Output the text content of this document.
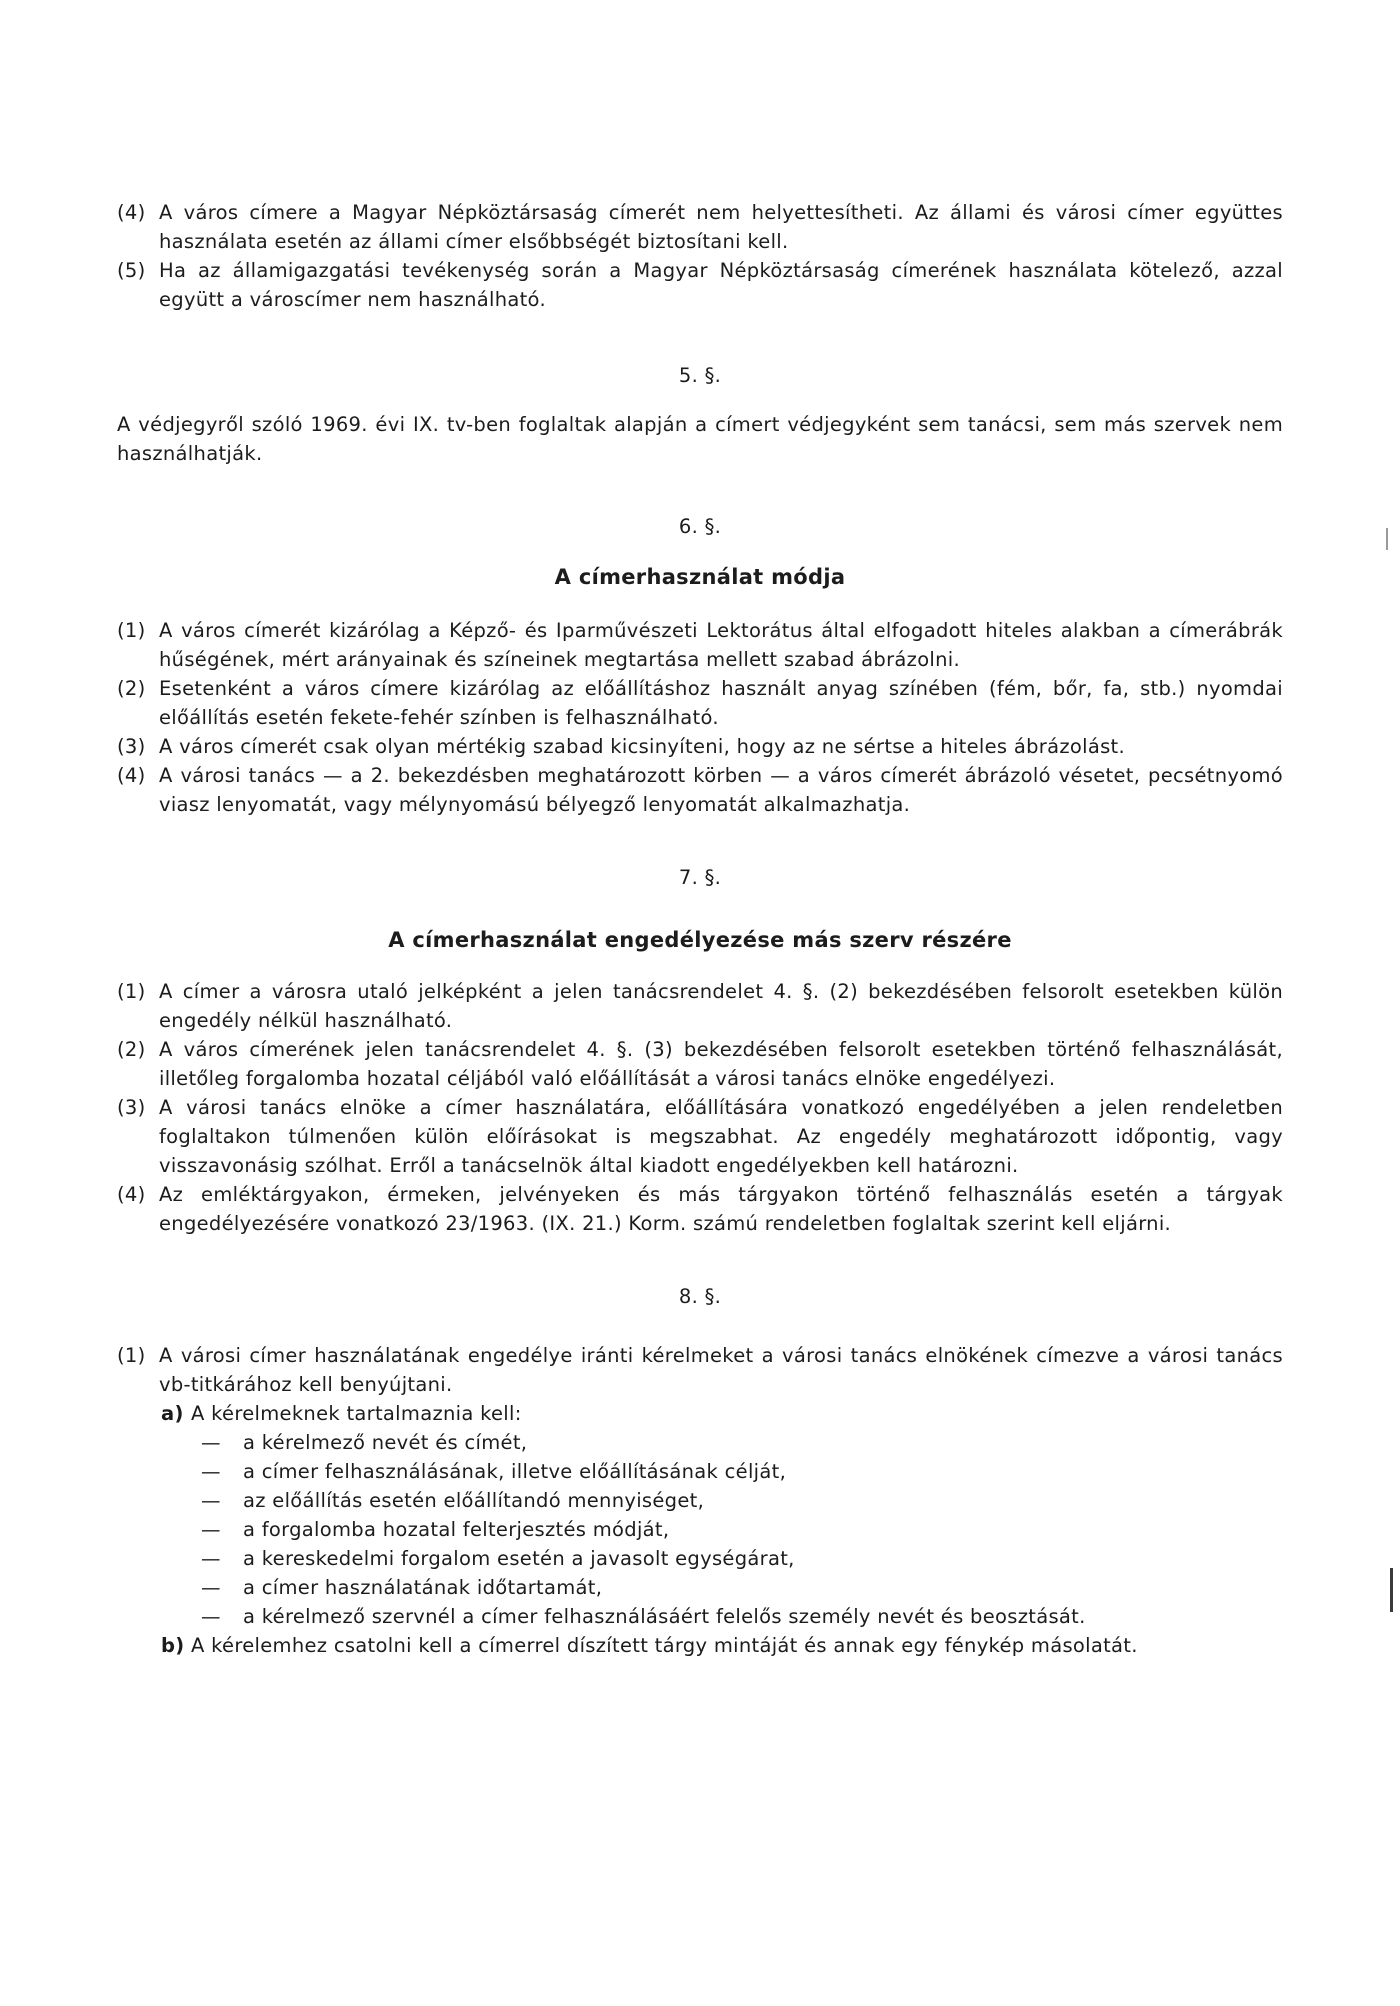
(4) A város címere a Magyar Népköztársaság címerét nem helyettesítheti. Az állami és városi címer együttes használata esetén az állami címer elsőbbségét biztosítani kell.

(5) Ha az államigazgatási tevékenység során a Magyar Népköztársaság címerének használata kötelező, azzal együtt a városcímer nem használható.

5. §.

A védjegyről szóló 1969. évi IX. tv-ben foglaltak alapján a címert védjegyként sem tanácsi, sem más szervek nem használhatják.

6. §.

A címerhasználat módja

(1) A város címerét kizárólag a Képző- és Iparművészeti Lektorátus által elfogadott hiteles alakban a címerábrák hűségének, mért arányainak és színeinek megtartása mellett szabad ábrázolni.

(2) Esetenként a város címere kizárólag az előállításhoz használt anyag színében (fém, bőr, fa, stb.) nyomdai előállítás esetén fekete-fehér színben is felhasználható.

(3) A város címerét csak olyan mértékig szabad kicsinyíteni, hogy az ne sértse a hiteles ábrázolást.

(4) A városi tanács — a 2. bekezdésben meghatározott körben — a város címerét ábrázoló vésetet, pecsétnyomó viasz lenyomatát, vagy mélynyomású bélyegző lenyomatát alkalmazhatja.

7. §.

A címerhasználat engedélyezése más szerv részére

(1) A címer a városra utaló jelképként a jelen tanácsrendelet 4. §. (2) bekezdésében felsorolt esetekben külön engedély nélkül használható.

(2) A város címerének jelen tanácsrendelet 4. §. (3) bekezdésében felsorolt esetekben történő felhasználását, illetőleg forgalomba hozatal céljából való előállítását a városi tanács elnöke engedélyezi.

(3) A városi tanács elnöke a címer használatára, előállítására vonatkozó engedélyében a jelen rendeletben foglaltakon túlmenően külön előírásokat is megszabhat. Az engedély meghatározott időpontig, vagy visszavonásig szólhat. Erről a tanácselnök által kiadott engedélyekben kell határozni.

(4) Az emléktárgyakon, érmeken, jelvényeken és más tárgyakon történő felhasználás esetén a tárgyak engedélyezésére vonatkozó 23/1963. (IX. 21.) Korm. számú rendeletben foglaltak szerint kell eljárni.

8. §.

(1) A városi címer használatának engedélye iránti kérelmeket a városi tanács elnökének címezve a városi tanács vb-titkárához kell benyújtani.

a) A kérelmeknek tartalmaznia kell:

— a kérelmező nevét és címét,

— a címer felhasználásának, illetve előállításának célját,

— az előállítás esetén előállítandó mennyiséget,

— a forgalomba hozatal felterjesztés módját,

— a kereskedelmi forgalom esetén a javasolt egységárat,

— a címer használatának időtartamát,

— a kérelmező szervnél a címer felhasználásáért felelős személy nevét és beosztását.

b) A kérelemhez csatolni kell a címerrel díszített tárgy mintáját és annak egy fénykép másolatát.
